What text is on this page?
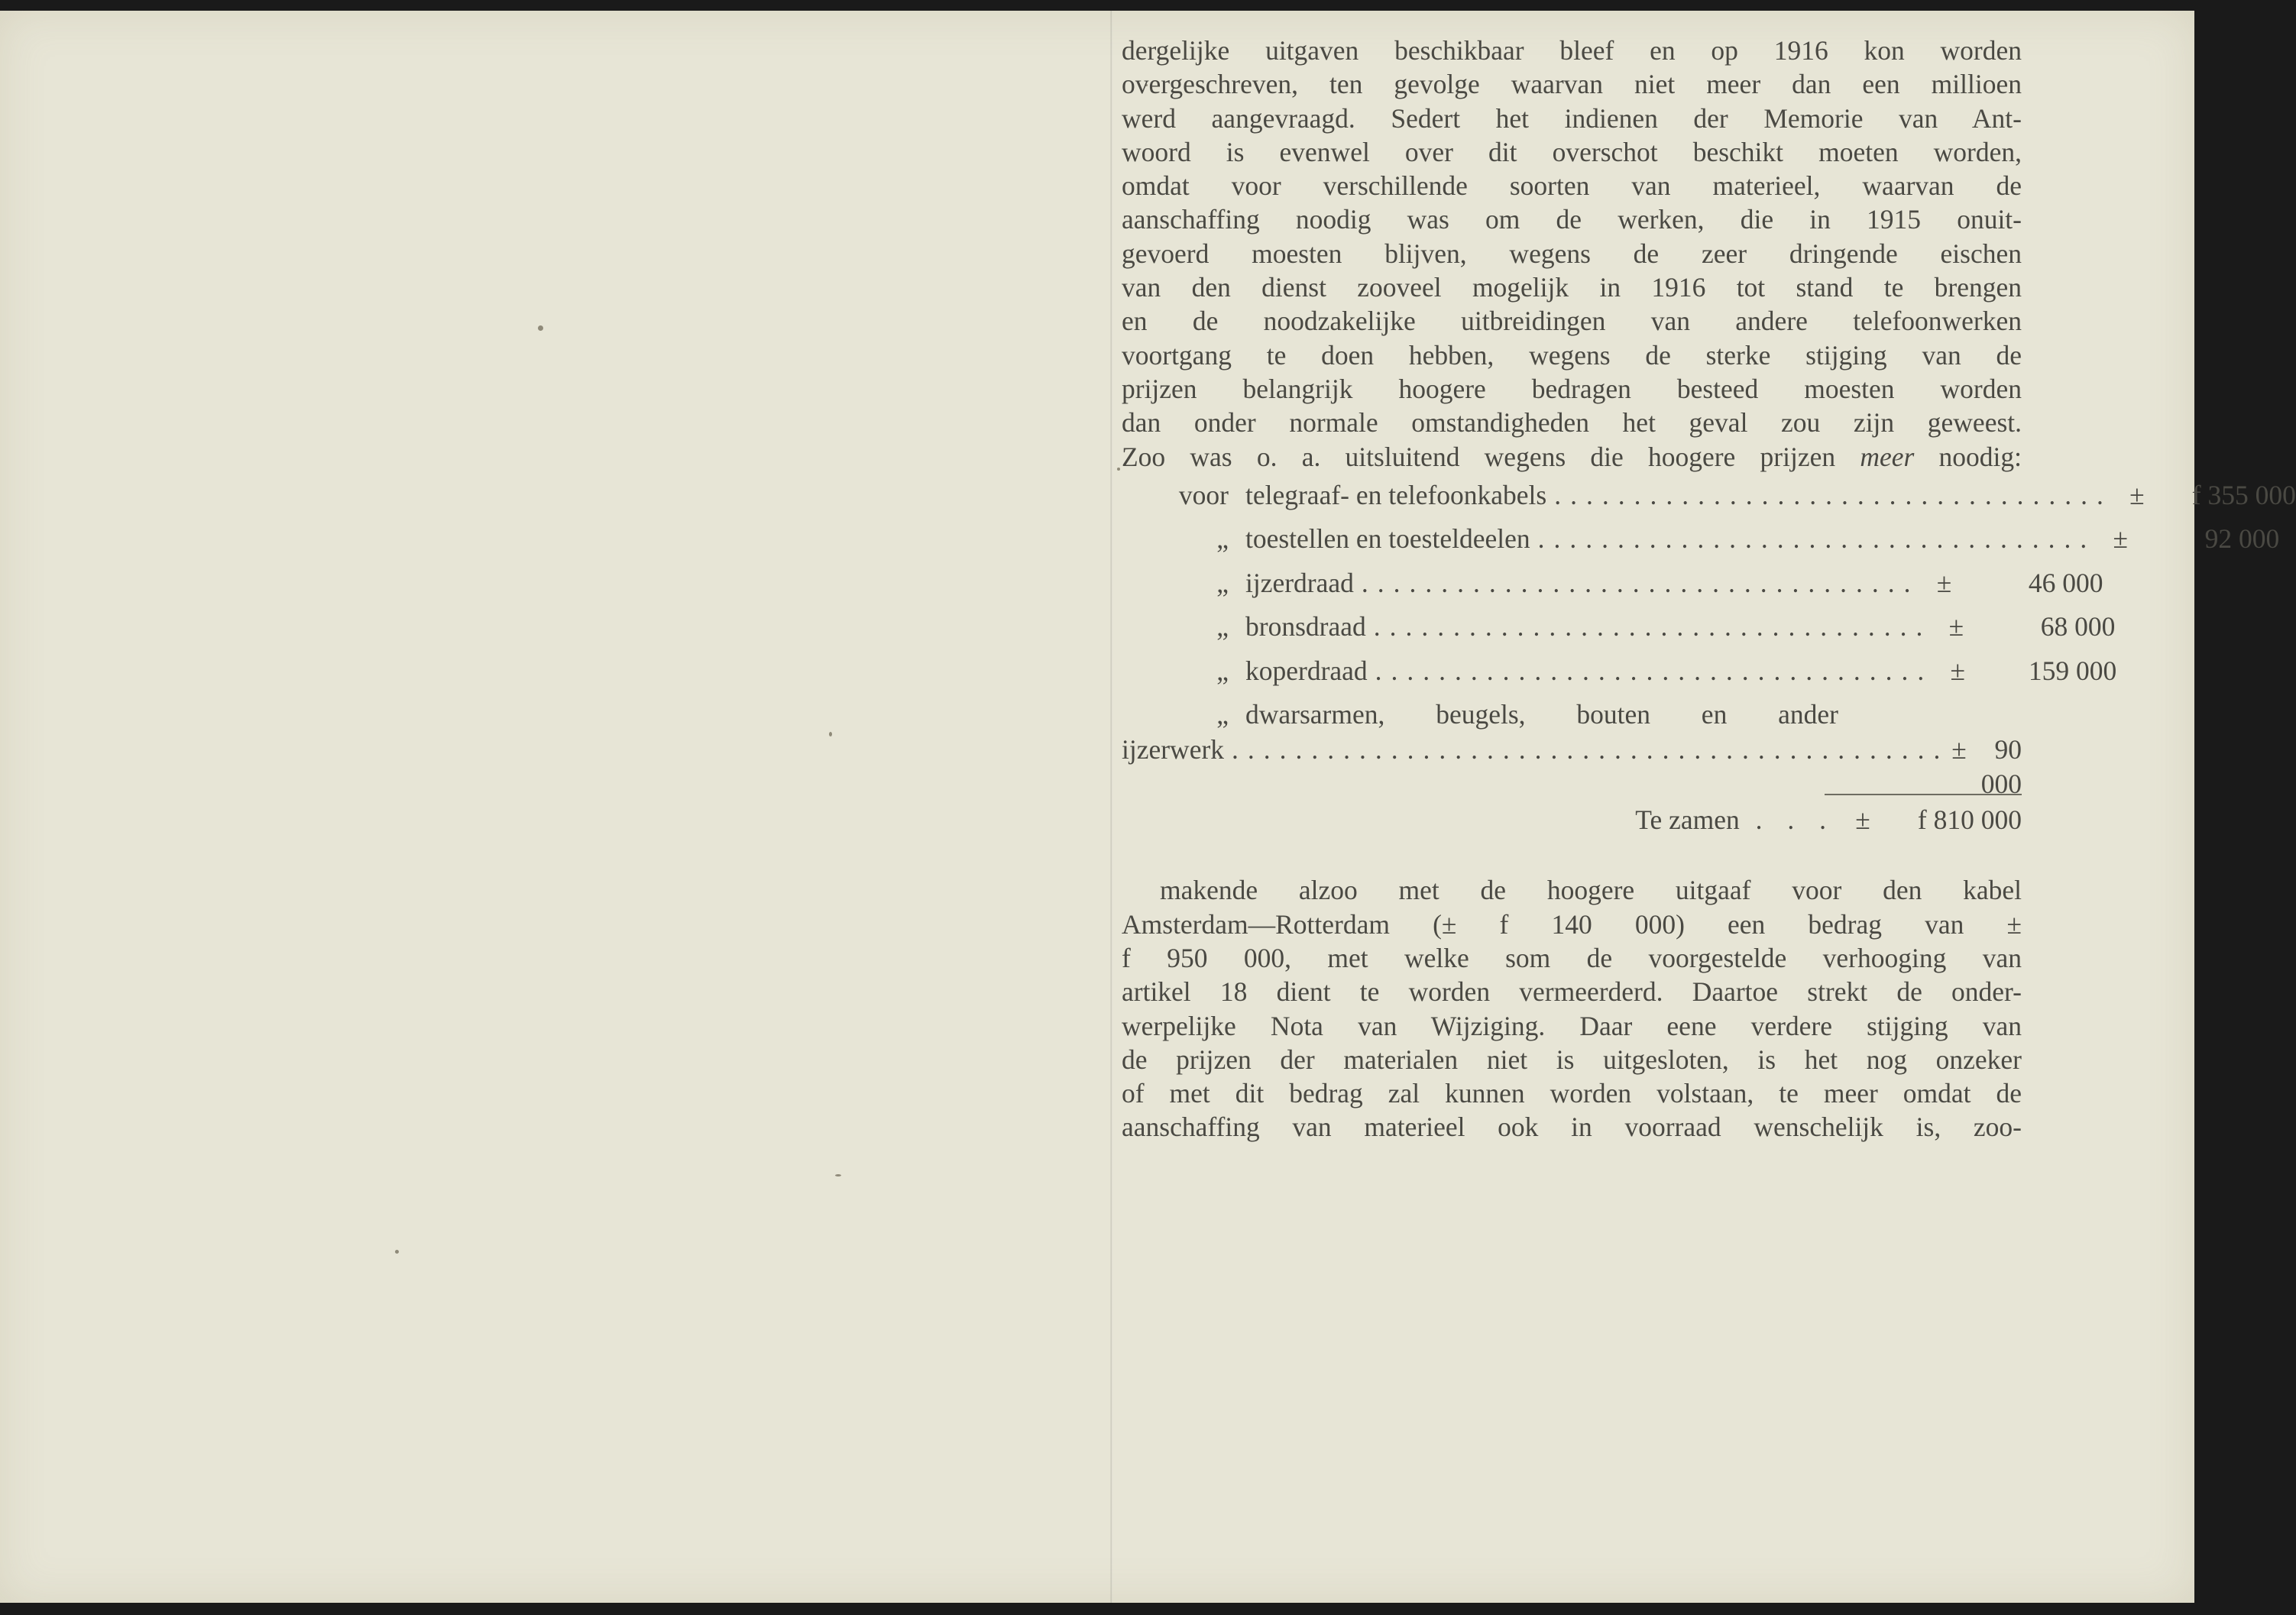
dergelijke uitgaven beschikbaar bleef en op 1916 kon worden

overgeschreven, ten gevolge waarvan niet meer dan een millioen

werd aangevraagd. Sedert het indienen der Memorie van Ant-

woord is evenwel over dit overschot beschikt moeten worden,

omdat voor verschillende soorten van materieel, waarvan de

aanschaffing noodig was om de werken, die in 1915 onuit-

gevoerd moesten blijven, wegens de zeer dringende eischen

van den dienst zooveel mogelijk in 1916 tot stand te brengen

en de noodzakelijke uitbreidingen van andere telefoonwerken

voortgang te doen hebben, wegens de sterke stijging van de

prijzen belangrijk hoogere bedragen besteed moesten worden

dan onder normale omstandigheden het geval zou zijn geweest.

Zoo was o. a. uitsluitend wegens die hoogere prijzen meer noodig:

voor telegraaf- en telefoonkabels ................................... ±	f 355 000
„ toestellen en toesteldeelen ................................... ±	92 000
„ ijzerdraad ................................... ±	46 000
„ bronsdraad ................................... ±	68 000
„ koperdraad ................................... ±	159 000
„ dwarsarmen, beugels, bouten en ander
ijzerwerk ............................................. ±	90 000
Te zamen . . . ±	f 810 000

makende alzoo met de hoogere uitgaaf voor den kabel

Amsterdam—Rotterdam (± f 140 000) een bedrag van ±

f 950 000, met welke som de voorgestelde verhooging van

artikel 18 dient te worden vermeerderd. Daartoe strekt de onder-

werpelijke Nota van Wijziging. Daar eene verdere stijging van

de prijzen der materialen niet is uitgesloten, is het nog onzeker

of met dit bedrag zal kunnen worden volstaan, te meer omdat de

aanschaffing van materieel ook in voorraad wenschelijk is, zoo-
